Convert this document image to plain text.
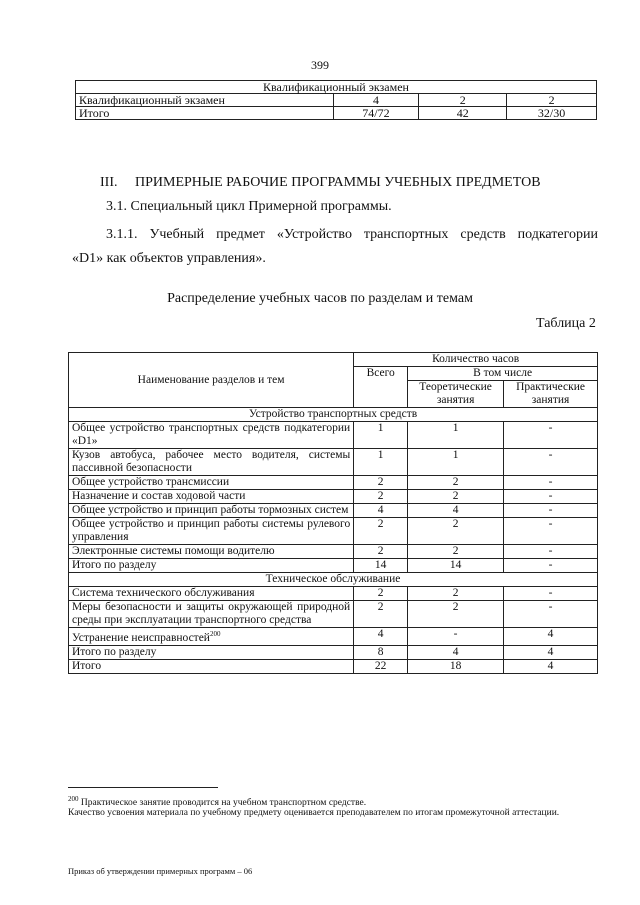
399
Квалификационный экзамен			
Квалификационный экзамен	4	2	2
Итого	74/72	42	32/30
III.     ПРИМЕРНЫЕ РАБОЧИЕ ПРОГРАММЫ УЧЕБНЫХ ПРЕДМЕТОВ
3.1. Специальный цикл Примерной программы.
3.1.1. Учебный предмет «Устройство транспортных средств подкатегории
«D1» как объектов управления».
Распределение учебных часов по разделам и темам
Таблица 2
Наименование разделов и тем	Количество часов		
	Всего	В том числе	
		Теоретические занятия	Практические занятия
Устройство транспортных средств			
Общее устройство транспортных средств подкатегории «D1»	1	1	-
Кузов автобуса, рабочее место водителя, системы пассивной безопасности	1	1	-
Общее устройство трансмиссии	2	2	-
Назначение и состав ходовой части	2	2	-
Общее устройство и принцип работы тормозных систем	4	4	-
Общее устройство и принцип работы системы рулевого управления	2	2	-
Электронные системы помощи водителю	2	2	-
Итого по разделу	14	14	-
Техническое обслуживание			
Система технического обслуживания	2	2	-
Меры безопасности и защиты окружающей природной среды при эксплуатации транспортного средства	2	2	-
Устранение неисправностей$^{200}$	4	-	4
Итого по разделу	8	4	4
Итого	22	18	4
$^{200}$ Практическое занятие проводится на учебном транспортном средстве.
Качество усвоения материала по учебному предмету оценивается преподавателем по итогам промежуточной аттестации.
Приказ об утверждении примерных программ – 06
